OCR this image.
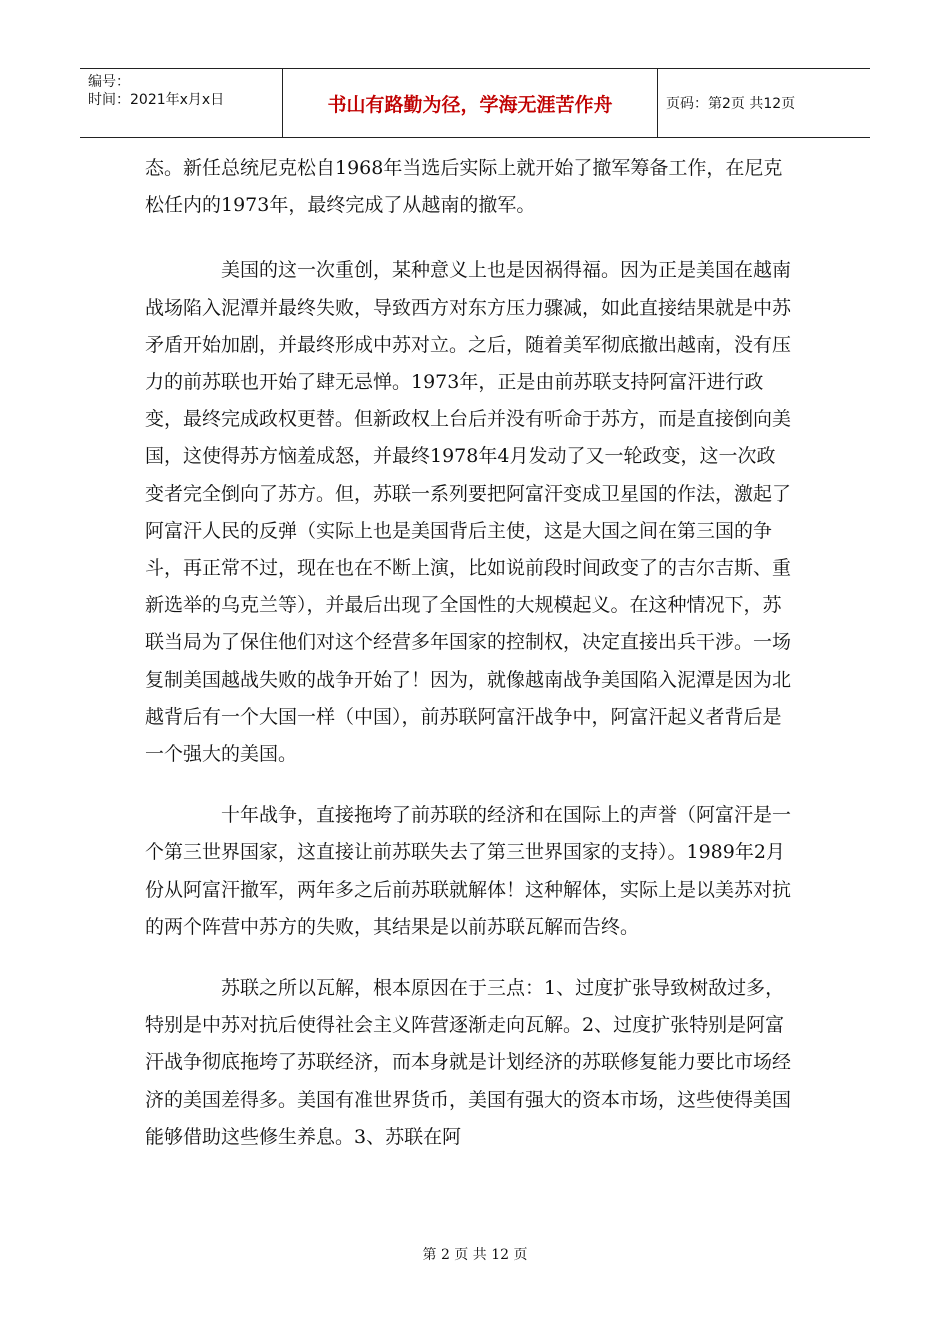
编号：
时间：2021年x月x日	书山有路勤为径，学海无涯苦作舟	页码：第2页 共12页

态。新任总统尼克松自1968年当选后实际上就开始了撤军筹备工作，在尼克松任内的1973年，最终完成了从越南的撤军。

美国的这一次重创，某种意义上也是因祸得福。因为正是美国在越南战场陷入泥潭并最终失败，导致西方对东方压力骤减，如此直接结果就是中苏矛盾开始加剧，并最终形成中苏对立。之后，随着美军彻底撤出越南，没有压力的前苏联也开始了肆无忌惮。1973年，正是由前苏联支持阿富汗进行政变，最终完成政权更替。但新政权上台后并没有听命于苏方，而是直接倒向美国，这使得苏方恼羞成怒，并最终1978年4月发动了又一轮政变，这一次政变者完全倒向了苏方。但，苏联一系列要把阿富汗变成卫星国的作法，激起了阿富汗人民的反弹（实际上也是美国背后主使，这是大国之间在第三国的争斗，再正常不过，现在也在不断上演，比如说前段时间政变了的吉尔吉斯、重新选举的乌克兰等），并最后出现了全国性的大规模起义。在这种情况下，苏联当局为了保住他们对这个经营多年国家的控制权，决定直接出兵干涉。一场复制美国越战失败的战争开始了！因为，就像越南战争美国陷入泥潭是因为北越背后有一个大国一样（中国），前苏联阿富汗战争中，阿富汗起义者背后是一个强大的美国。

十年战争，直接拖垮了前苏联的经济和在国际上的声誉（阿富汗是一个第三世界国家，这直接让前苏联失去了第三世界国家的支持）。1989年2月份从阿富汗撤军，两年多之后前苏联就解体！这种解体，实际上是以美苏对抗的两个阵营中苏方的失败，其结果是以前苏联瓦解而告终。

苏联之所以瓦解，根本原因在于三点：1、过度扩张导致树敌过多，特别是中苏对抗后使得社会主义阵营逐渐走向瓦解。2、过度扩张特别是阿富汗战争彻底拖垮了苏联经济，而本身就是计划经济的苏联修复能力要比市场经济的美国差得多。美国有准世界货币，美国有强大的资本市场，这些使得美国能够借助这些修生养息。3、苏联在阿

第 2 页 共 12 页
